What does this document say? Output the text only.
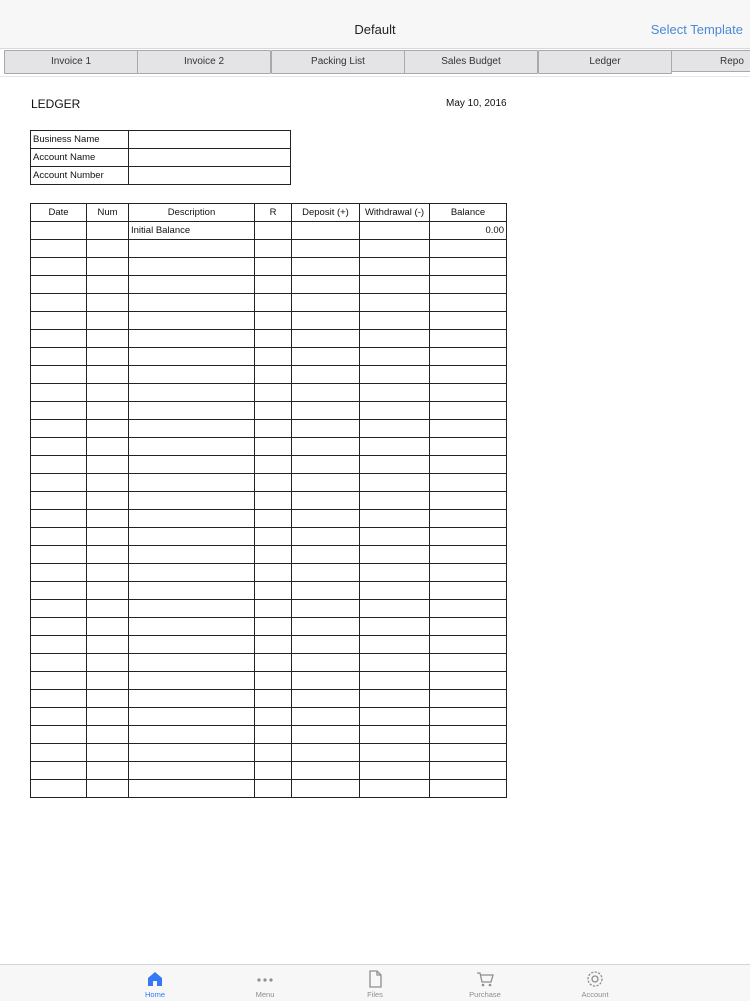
Default	Select Template
Invoice 1	Invoice 2	Packing List	Sales Budget	Ledger	Repo
LEDGER	May 10, 2016
Business Name	
Account Name	
Account Number	
Date	Num	Description	R	Deposit (+)	Withdrawal (-)	Balance
		Initial Balance				0.00

Home	Menu	Files	Purchase	Account
